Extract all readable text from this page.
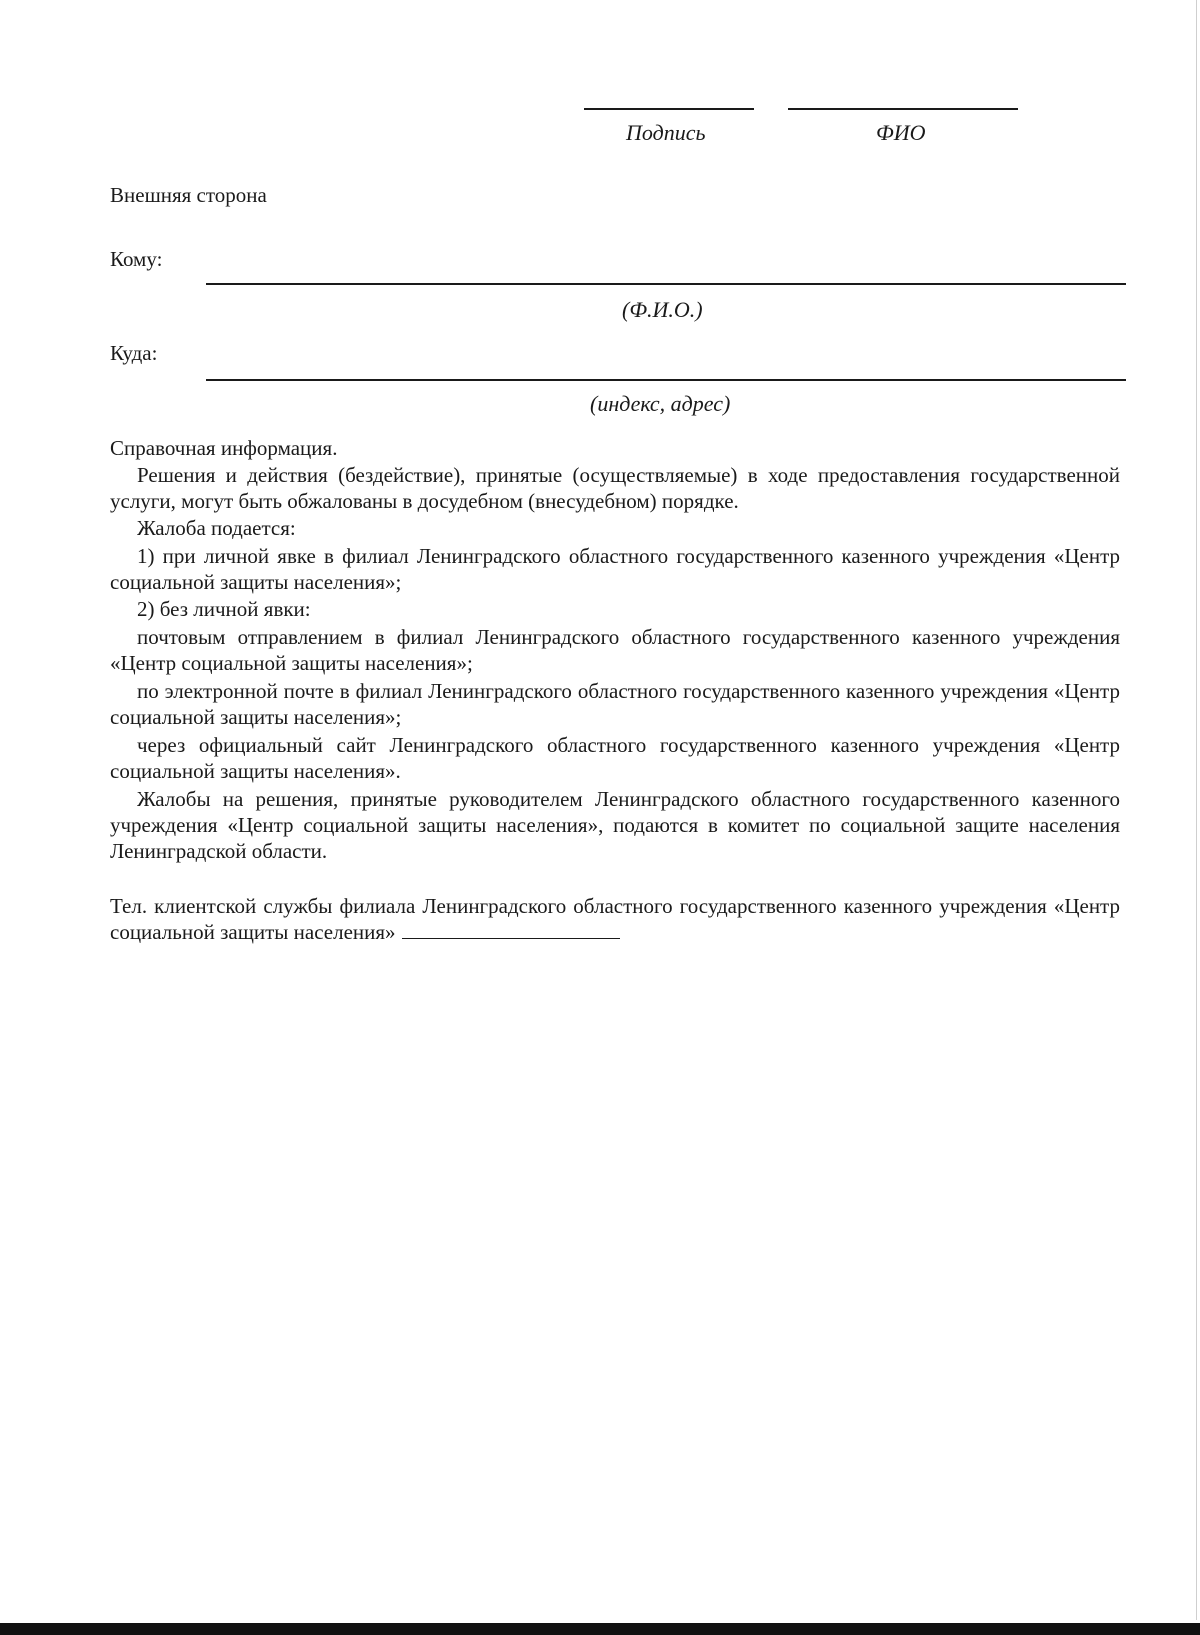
Подпись	ФИО
Внешняя сторона
Кому:
(Ф.И.О.)
Куда:
(индекс, адрес)
Справочная информация.
Решения и действия (бездействие), принятые (осуществляемые) в ходе предоставления государственной услуги, могут быть обжалованы в досудебном (внесудебном) порядке.
Жалоба подается:
1) при личной явке в филиал Ленинградского областного государственного казенного учреждения «Центр социальной защиты населения»;
2) без личной явки:
почтовым отправлением в филиал Ленинградского областного государственного казенного учреждения «Центр социальной защиты населения»;
по электронной почте в филиал Ленинградского областного государственного казенного учреждения «Центр социальной защиты населения»;
через официальный сайт Ленинградского областного государственного казенного учреждения «Центр социальной защиты населения».
Жалобы на решения, принятые руководителем Ленинградского областного государственного казенного учреждения «Центр социальной защиты населения», подаются в комитет по социальной защите населения Ленинградской области.
Тел. клиентской службы филиала Ленинградского областного государственного казенного учреждения «Центр социальной защиты населения»
